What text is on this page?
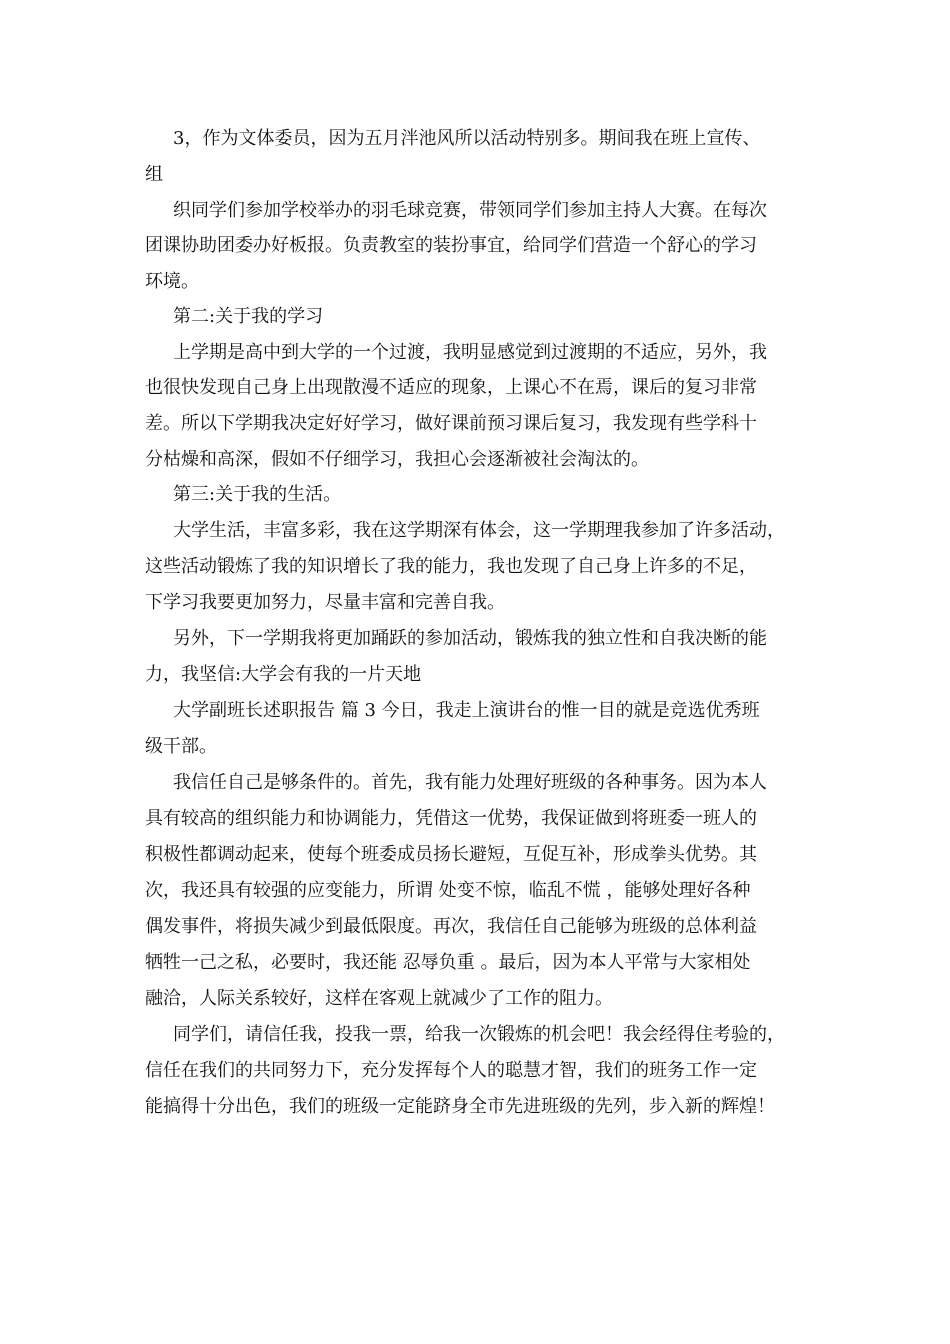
3，作为文体委员，因为五月泮池风所以活动特别多。期间我在班上宣传、
组
织同学们参加学校举办的羽毛球竞赛，带领同学们参加主持人大赛。在每次
团课协助团委办好板报。负责教室的装扮事宜，给同学们营造一个舒心的学习
环境。
第二:关于我的学习
上学期是高中到大学的一个过渡，我明显感觉到过渡期的不适应，另外，我
也很快发现自己身上出现散漫不适应的现象，上课心不在焉，课后的复习非常
差。所以下学期我决定好好学习，做好课前预习课后复习，我发现有些学科十
分枯燥和高深，假如不仔细学习，我担心会逐渐被社会淘汰的。
第三:关于我的生活。
大学生活，丰富多彩，我在这学期深有体会，这一学期理我参加了许多活动，
这些活动锻炼了我的知识增长了我的能力，我也发现了自己身上许多的不足，
下学习我要更加努力，尽量丰富和完善自我。
另外，下一学期我将更加踊跃的参加活动，锻炼我的独立性和自我决断的能
力，我坚信:大学会有我的一片天地
大学副班长述职报告 篇 3 今日，我走上演讲台的惟一目的就是竞选优秀班
级干部。
我信任自己是够条件的。首先，我有能力处理好班级的各种事务。因为本人
具有较高的组织能力和协调能力，凭借这一优势，我保证做到将班委一班人的
积极性都调动起来，使每个班委成员扬长避短，互促互补，形成拳头优势。其
次，我还具有较强的应变能力，所谓 处变不惊，临乱不慌 ，能够处理好各种
偶发事件，将损失减少到最低限度。再次，我信任自己能够为班级的总体利益
牺牲一己之私，必要时，我还能 忍辱负重 。最后，因为本人平常与大家相处
融洽，人际关系较好，这样在客观上就减少了工作的阻力。
同学们，请信任我，投我一票，给我一次锻炼的机会吧！我会经得住考验的，
信任在我们的共同努力下，充分发挥每个人的聪慧才智，我们的班务工作一定
能搞得十分出色，我们的班级一定能跻身全市先进班级的先列，步入新的辉煌！
